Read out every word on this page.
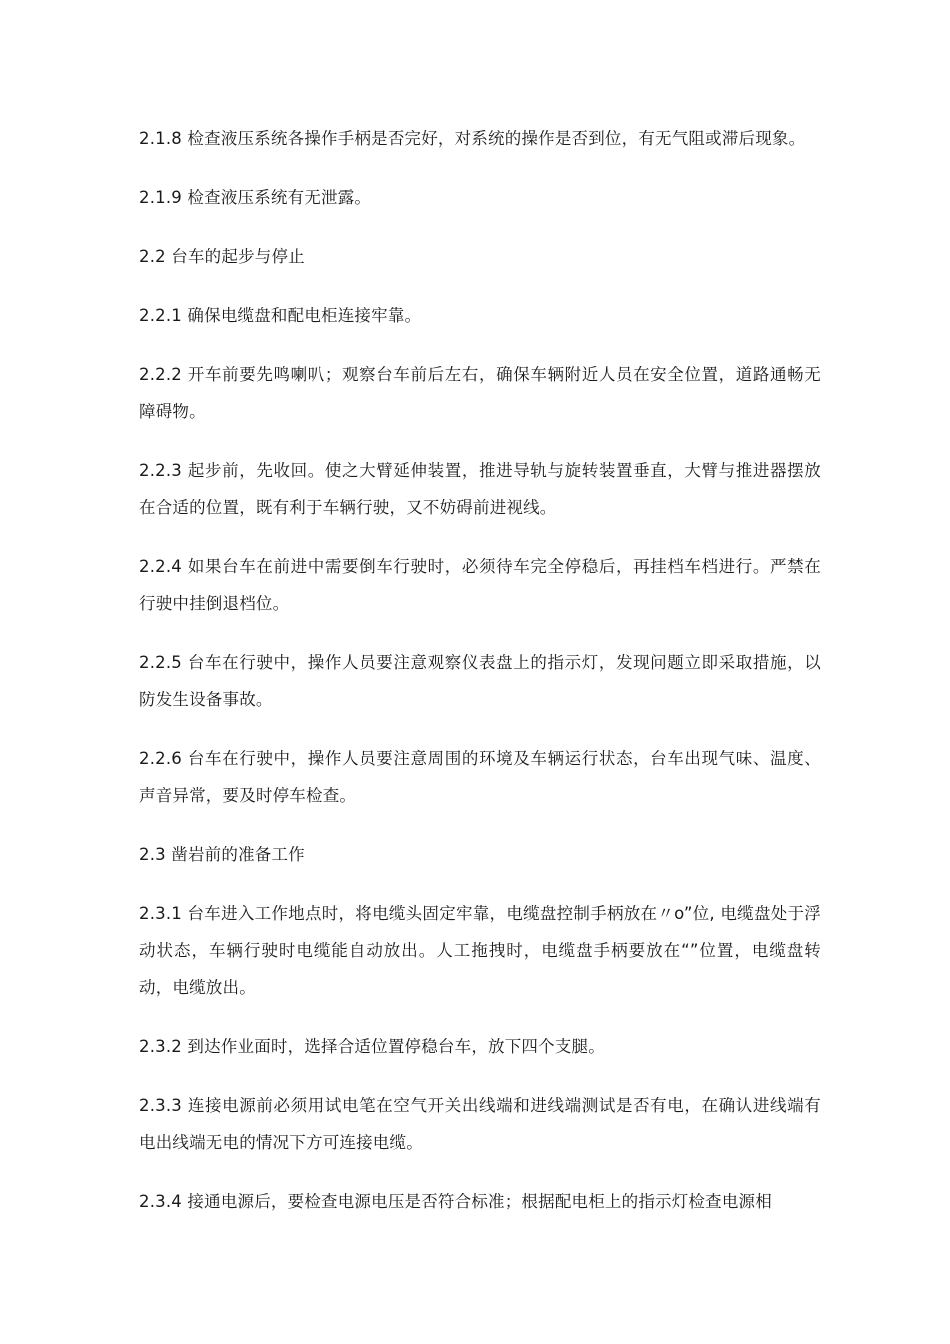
2.1.8 检查液压系统各操作手柄是否完好，对系统的操作是否到位，有无气阻或滞后现象。

2.1.9 检查液压系统有无泄露。

2.2 台车的起步与停止

2.2.1 确保电缆盘和配电柜连接牢靠。

2.2.2 开车前要先鸣喇叭；观察台车前后左右，确保车辆附近人员在安全位置，道路通畅无障碍物。

2.2.3 起步前，先收回。使之大臂延伸装置，推进导轨与旋转装置垂直，大臂与推进器摆放在合适的位置，既有利于车辆行驶，又不妨碍前进视线。

2.2.4 如果台车在前进中需要倒车行驶时，必须待车完全停稳后，再挂档车档进行。严禁在行驶中挂倒退档位。

2.2.5 台车在行驶中，操作人员要注意观察仪表盘上的指示灯，发现问题立即采取措施，以防发生设备事故。

2.2.6 台车在行驶中，操作人员要注意周围的环境及车辆运行状态，台车出现气味、温度、声音异常，要及时停车检查。

2.3 凿岩前的准备工作

2.3.1 台车进入工作地点时，将电缆头固定牢靠，电缆盘控制手柄放在〃o”位, 电缆盘处于浮动状态，车辆行驶时电缆能自动放出。人工拖拽时，电缆盘手柄要放在“”位置，电缆盘转动，电缆放出。

2.3.2 到达作业面时，选择合适位置停稳台车，放下四个支腿。

2.3.3 连接电源前必须用试电笔在空气开关出线端和进线端测试是否有电，在确认进线端有电出线端无电的情况下方可连接电缆。

2.3.4 接通电源后，要检查电源电压是否符合标准；根据配电柜上的指示灯检查电源相
